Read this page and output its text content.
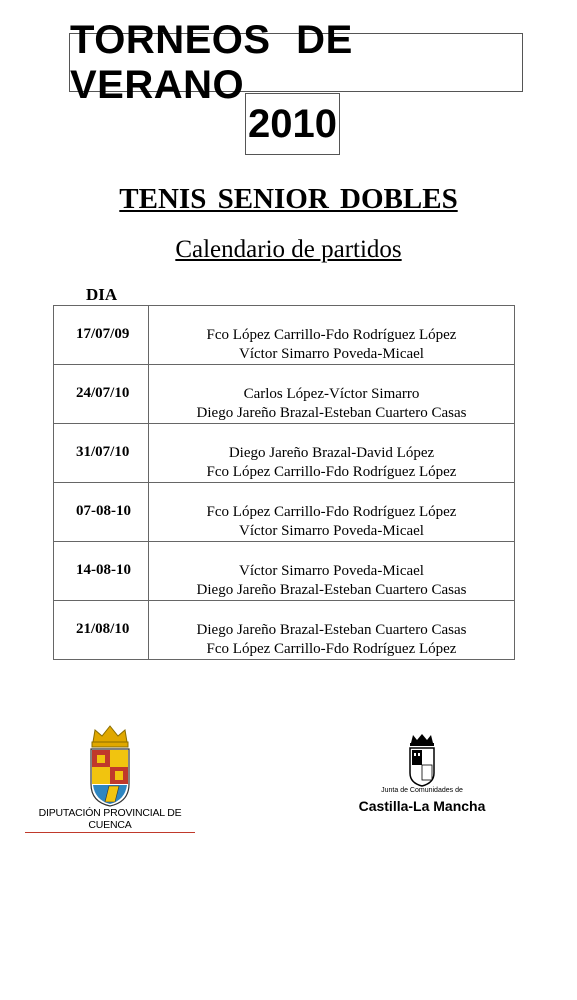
TORNEOS DE VERANO
2010
TENIS SENIOR DOBLES
Calendario de partidos
DIA
17/07/09	Fco López Carrillo-Fdo Rodríguez López
Víctor Simarro Poveda-Micael

24/07/10	Carlos López-Víctor Simarro
Diego Jareño Brazal-Esteban Cuartero Casas

31/07/10	Diego Jareño Brazal-David López
Fco López Carrillo-Fdo Rodríguez López

07-08-10	Fco López Carrillo-Fdo Rodríguez López
Víctor Simarro Poveda-Micael

14-08-10	Víctor Simarro Poveda-Micael
Diego Jareño Brazal-Esteban Cuartero Casas

21/08/10	Diego Jareño Brazal-Esteban Cuartero Casas
Fco López Carrillo-Fdo Rodríguez López
DIPUTACIÓN PROVINCIAL DE CUENCA
Junta de Comunidades de
Castilla-La Mancha
